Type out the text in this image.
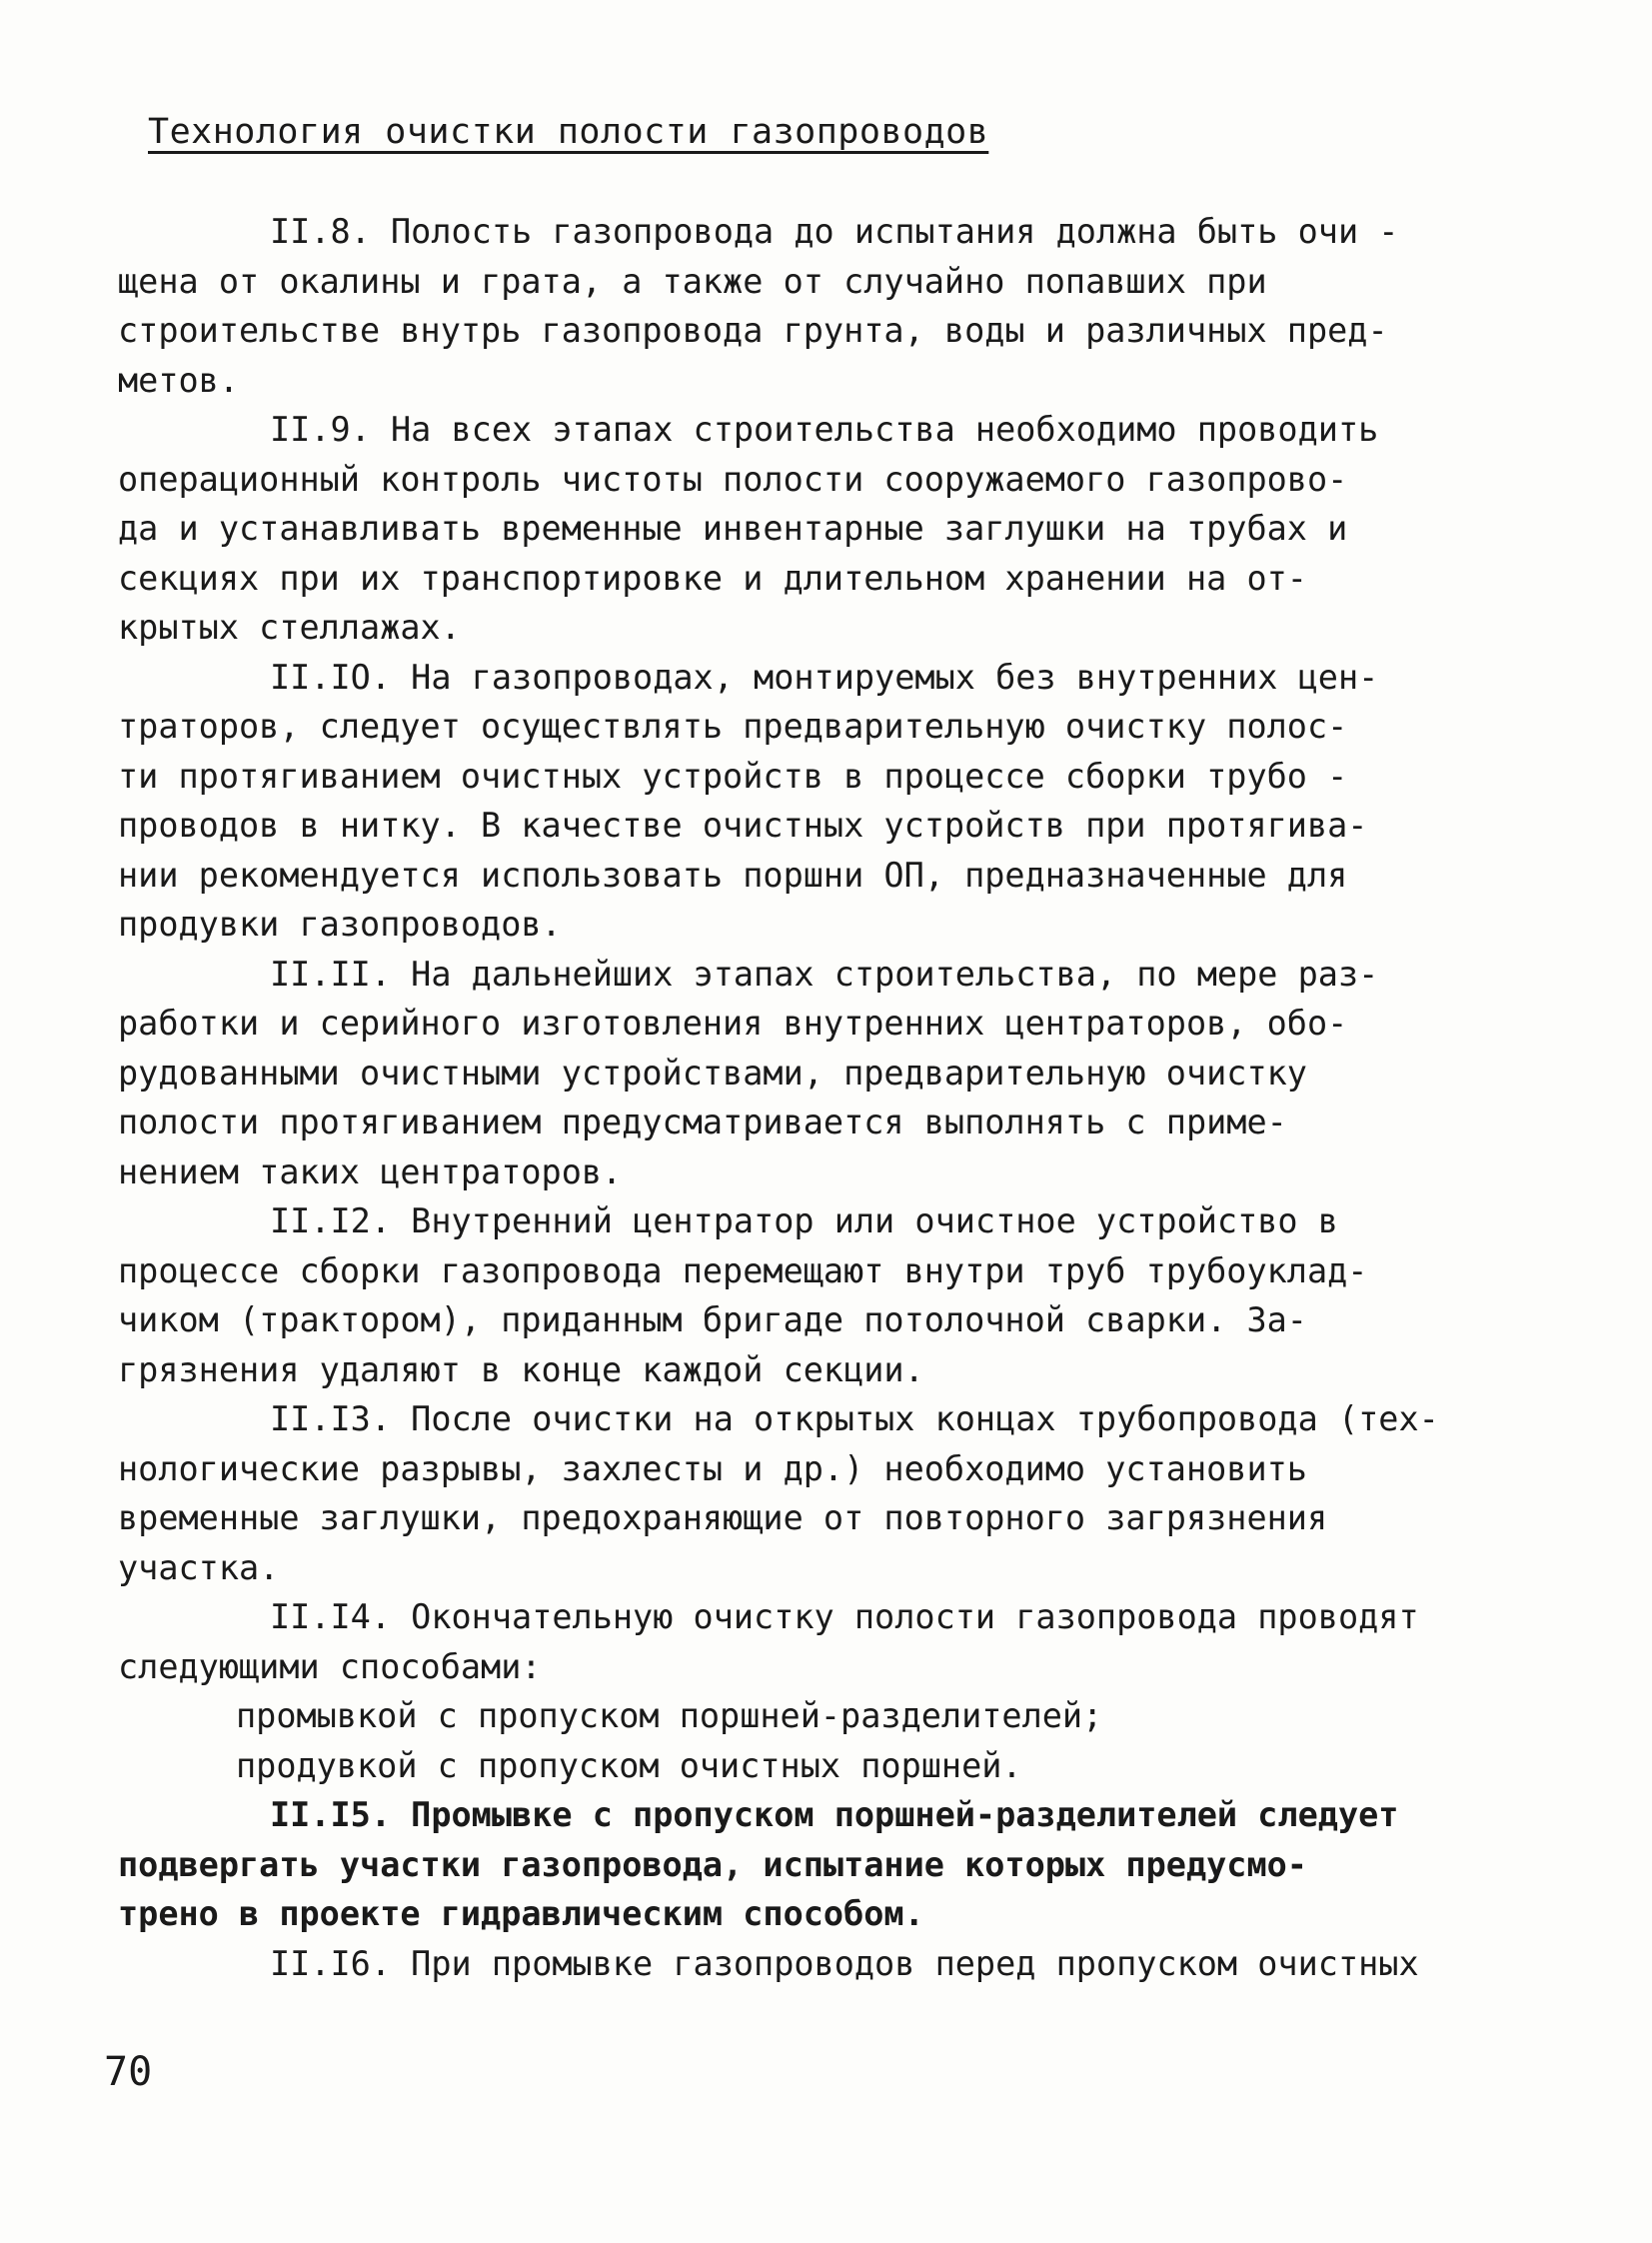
Технология очистки полости газопроводов
II.8. Полость газопровода до испытания должна быть очи -
щена от окалины и грата, а также от случайно попавших при
строительстве внутрь газопровода грунта, воды и различных пред-
метов.
II.9. На всех этапах строительства необходимо проводить
операционный контроль чистоты полости сооружаемого газопрово-
да и устанавливать временные инвентарные заглушки на трубах и
секциях при их транспортировке и длительном хранении на от-
крытых стеллажах.
II.IO. На газопроводах, монтируемых без внутренних цен-
траторов, следует осуществлять предварительную очистку полос-
ти протягиванием очистных устройств в процессе сборки трубо -
проводов в нитку. В качестве очистных устройств при протягива-
нии рекомендуется использовать поршни ОП, предназначенные для
продувки газопроводов.
II.II. На дальнейших этапах строительства, по мере раз-
работки и серийного изготовления внутренних центраторов, обо-
рудованными очистными устройствами, предварительную очистку
полости протягиванием предусматривается выполнять с приме-
нением таких центраторов.
II.I2. Внутренний центратор или очистное устройство в
процессе сборки газопровода перемещают внутри труб трубоуклад-
чиком (трактором), приданным бригаде потолочной сварки. За-
грязнения удаляют в конце каждой секции.
II.I3. После очистки на открытых концах трубопровода (тех-
нологические разрывы, захлесты и др.) необходимо установить
временные заглушки, предохраняющие от повторного загрязнения
участка.
II.I4. Окончательную очистку полости газопровода проводят
следующими способами:
промывкой с пропуском поршней-разделителей;
продувкой с пропуском очистных поршней.
II.I5. Промывке с пропуском поршней-разделителей следует
подвергать участки газопровода, испытание которых предусмо-
трено в проекте гидравлическим способом.
II.I6. При промывке газопроводов перед пропуском очистных
70
